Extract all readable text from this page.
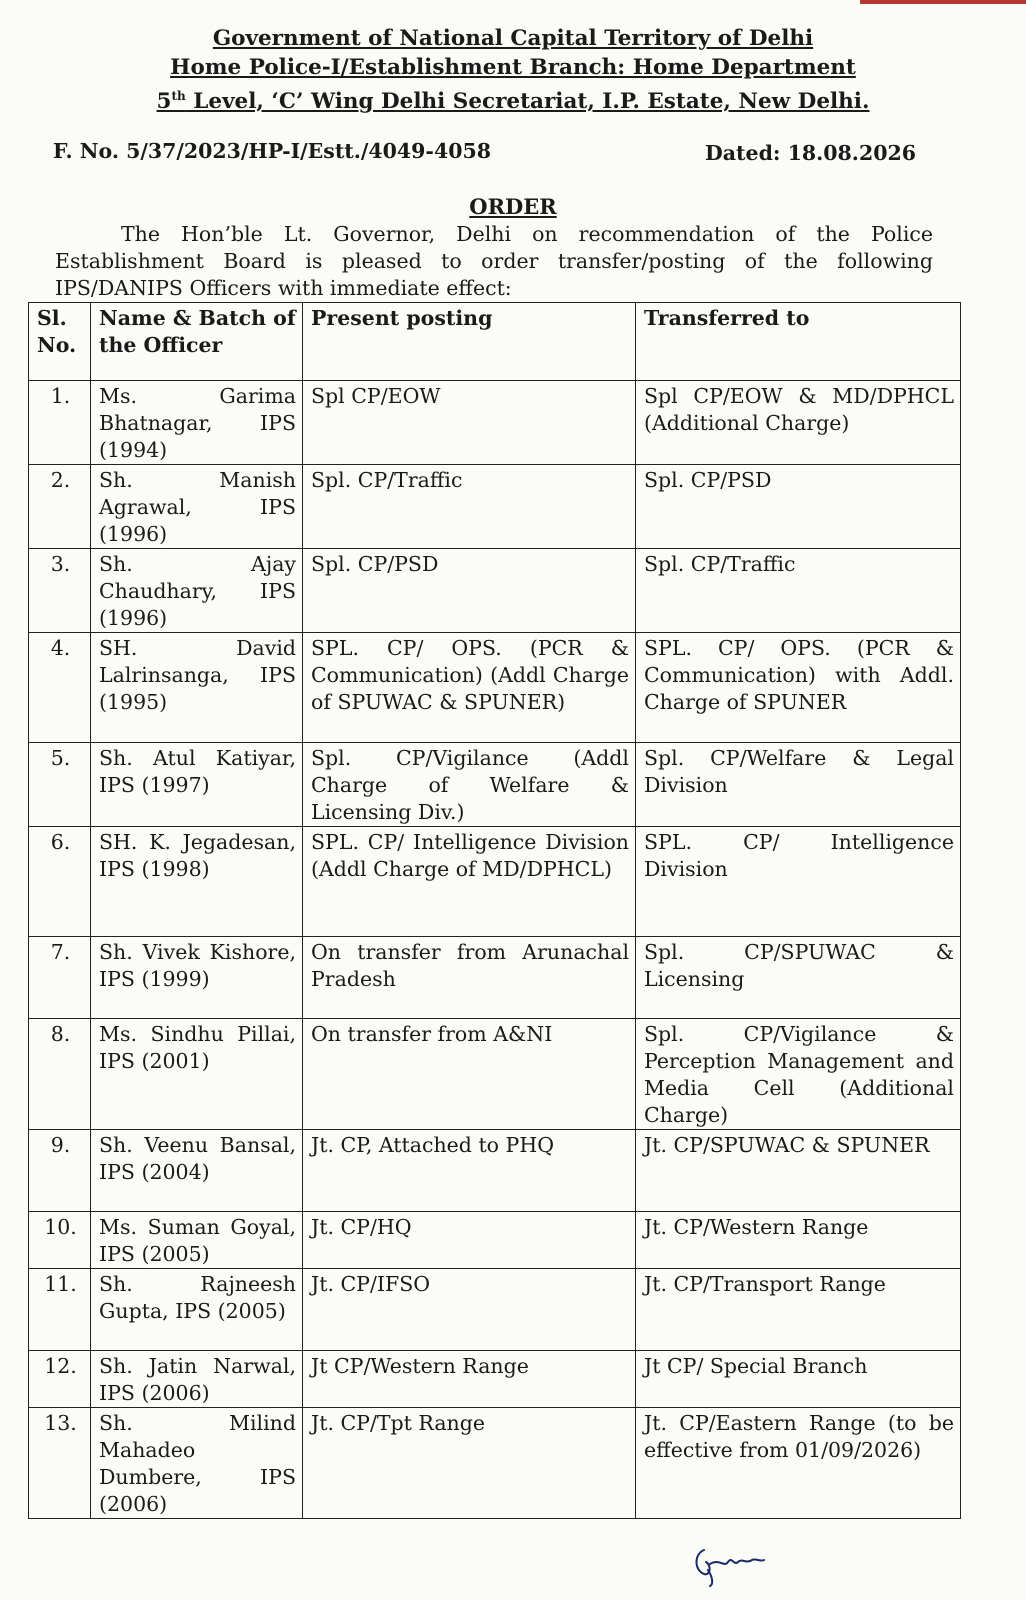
Government of National Capital Territory of Delhi
Home Police-I/Establishment Branch: Home Department
5th Level, ‘C’ Wing Delhi Secretariat, I.P. Estate, New Delhi.
F. No. 5/37/2023/HP-I/Estt./4049-4058	Dated: 18.08.2026
ORDER
The Hon’ble Lt. Governor, Delhi on recommendation of the Police Establishment Board is pleased to order transfer/posting of the following IPS/DANIPS Officers with immediate effect:
Sl. No.	Name & Batch of the Officer	Present posting	Transferred to

1.	Ms. Garima Bhatnagar, IPS (1994)	Spl CP/EOW	Spl CP/EOW & MD/DPHCL (Additional Charge)
2.	Sh. Manish Agrawal, IPS (1996)	Spl. CP/Traffic	Spl. CP/PSD
3.	Sh. Ajay Chaudhary, IPS (1996)	Spl. CP/PSD	Spl. CP/Traffic
4.	SH. David Lalrinsanga, IPS (1995)	SPL. CP/ OPS. (PCR & Communication) (Addl Charge of SPUWAC & SPUNER)	SPL. CP/ OPS. (PCR & Communication) with Addl. Charge of SPUNER
5.	Sh. Atul Katiyar, IPS (1997)	Spl. CP/Vigilance (Addl Charge of Welfare & Licensing Div.)	Spl. CP/Welfare & Legal Division
6.	SH. K. Jegadesan, IPS (1998)	SPL. CP/ Intelligence Division (Addl Charge of MD/DPHCL)	SPL. CP/ Intelligence Division
7.	Sh. Vivek Kishore, IPS (1999)	On transfer from Arunachal Pradesh	Spl. CP/SPUWAC & Licensing
8.	Ms. Sindhu Pillai, IPS (2001)	On transfer from A&NI	Spl. CP/Vigilance & Perception Management and Media Cell (Additional Charge)
9.	Sh. Veenu Bansal, IPS (2004)	Jt. CP, Attached to PHQ	Jt. CP/SPUWAC & SPUNER
10.	Ms. Suman Goyal, IPS (2005)	Jt. CP/HQ	Jt. CP/Western Range
11.	Sh. Rajneesh Gupta, IPS (2005)	Jt. CP/IFSO	Jt. CP/Transport Range
12.	Sh. Jatin Narwal, IPS (2006)	Jt CP/Western Range	Jt CP/ Special Branch
13.	Sh. Milind Mahadeo Dumbere, IPS (2006)	Jt. CP/Tpt Range	Jt. CP/Eastern Range (to be effective from 01/09/2026)
